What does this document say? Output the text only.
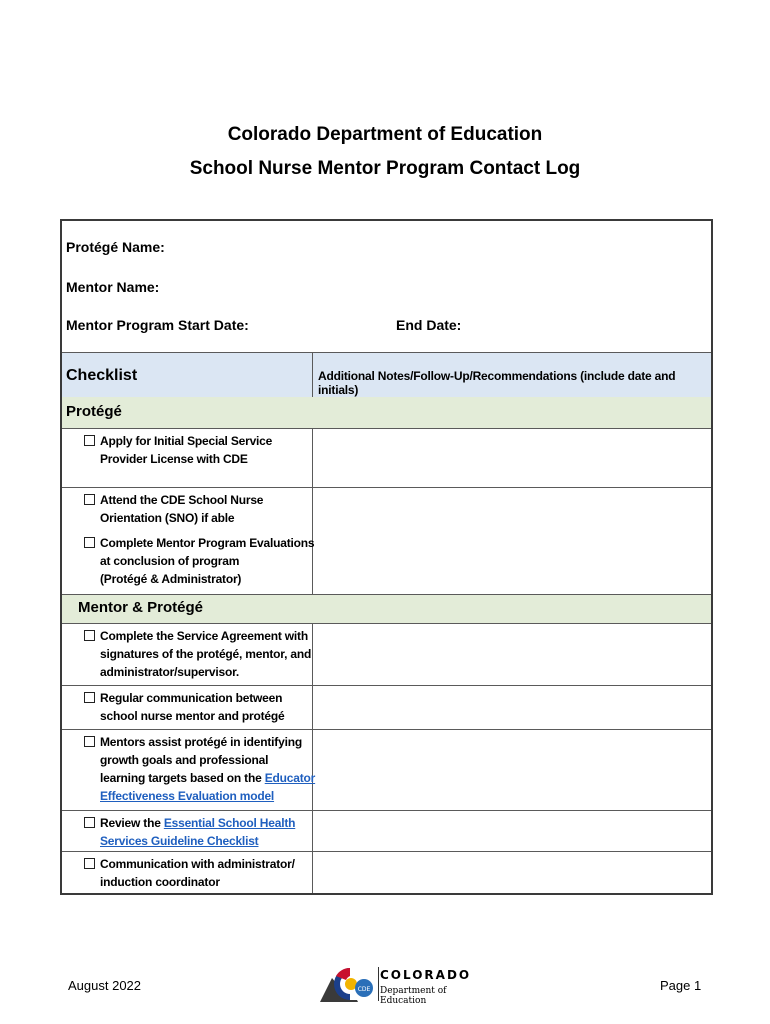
Colorado Department of Education
School Nurse Mentor Program Contact Log
Protégé Name:
Mentor Name:
Mentor Program Start Date:	End Date:
Checklist	Additional Notes/Follow-Up/Recommendations (include date and initials)
Protégé
Apply for Initial Special Service Provider License with CDE
Attend the CDE School Nurse Orientation (SNO) if able
Complete Mentor Program Evaluations at conclusion of program
(Protégé & Administrator)
Mentor & Protégé
Complete the Service Agreement with signatures of the protégé, mentor, and administrator/supervisor.
Regular communication between school nurse mentor and protégé
Mentors assist protégé in identifying growth goals and professional learning targets based on the Educator Effectiveness Evaluation model
Review the Essential School Health Services Guideline Checklist
Communication with administrator/ induction coordinator
August 2022	CDE
COLORADO
Department of Education
Page 1
